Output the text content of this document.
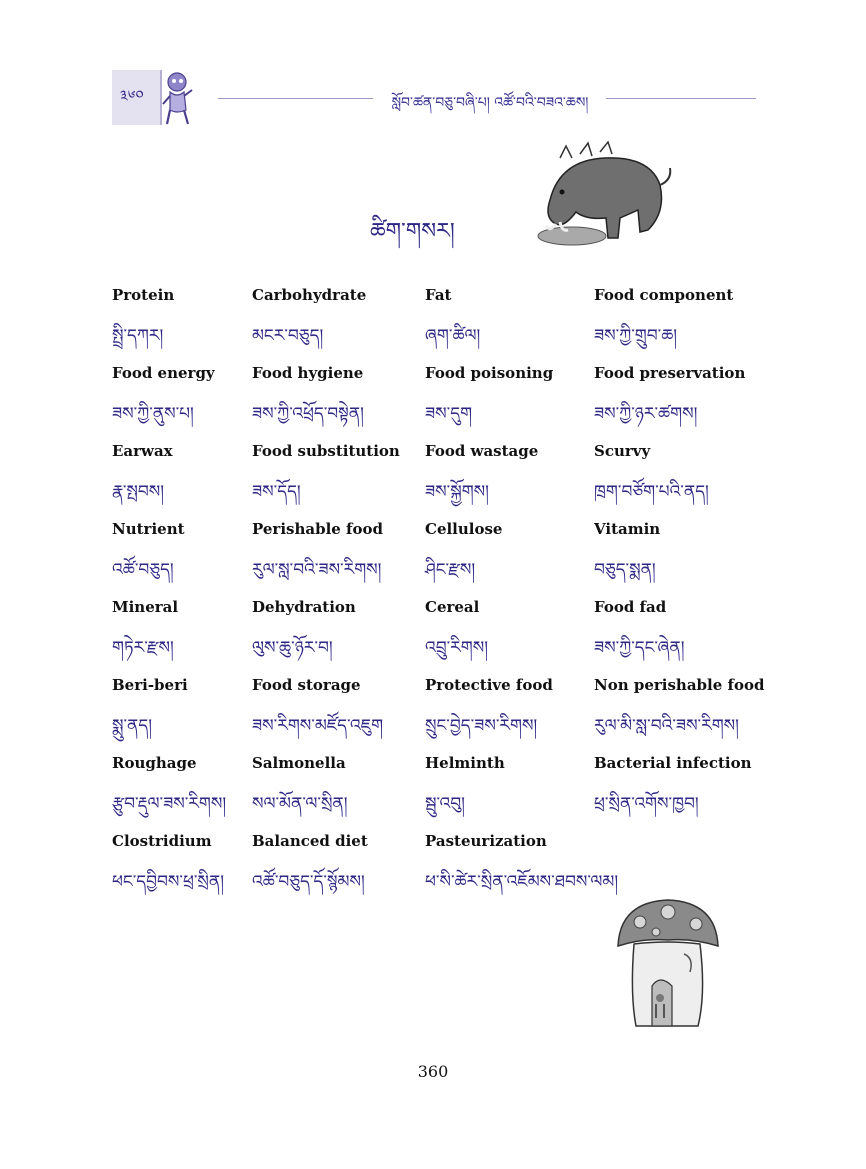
༣༦༠	སློབ་ཚན་བཅུ་བཞི་པ། འཚོ་བའི་བཟའ་ཆས།
ཚིག་གསར།
Protein
སྤྲི་དཀར།
Carbohydrate
མངར་བཅུད།
Fat
ཞག་ཚིལ།
Food component
ཟས་ཀྱི་གྲུབ་ཆ།
Food energy
ཟས་ཀྱི་ནུས་པ།
Food hygiene
ཟས་ཀྱི་འཕྲོད་བསྟེན།
Food poisoning
ཟས་དུག
Food preservation
ཟས་ཀྱི་ཉར་ཚགས།
Earwax
རྣ་སྤབས།
Food substitution
ཟས་དོད།
Food wastage
ཟས་སྐྱོགས།
Scurvy
ཁྲག་བཙོག་པའི་ནད།
Nutrient
འཚོ་བཅུད།
Perishable food
རུལ་སླ་བའི་ཟས་རིགས།
Cellulose
ཤིང་རྫས།
Vitamin
བཅུད་སྨན།
Mineral
གཏེར་རྫས།
Dehydration
ལུས་ཆུ་ཉོར་བ།
Cereal
འབྲུ་རིགས།
Food fad
ཟས་ཀྱི་དང་ཞེན།
Beri-beri
སྨུ་ནད།
Food storage
ཟས་རིགས་མཛོད་འཇུག
Protective food
སྲུང་བྱེད་ཟས་རིགས།
Non perishable food
རུལ་མི་སླ་བའི་ཟས་རིགས།
Roughage
རྩུབ་རྡུལ་ཟས་རིགས།
Salmonella
སལ་མོན་ལ་སྲིན།
Helminth
སྦུ་འབུ།
Bacterial infection
ཕྲ་སྲིན་འགོས་ཁྱབ།
Clostridium
ཕང་དབྱིབས་ཕྲ་སྲིན།
Balanced diet
འཚོ་བཅུད་དོ་སྙོམས།
Pasteurization
ཕ་སི་ཚེར་སྲིན་འཇོམས་ཐབས་ལམ།
360
